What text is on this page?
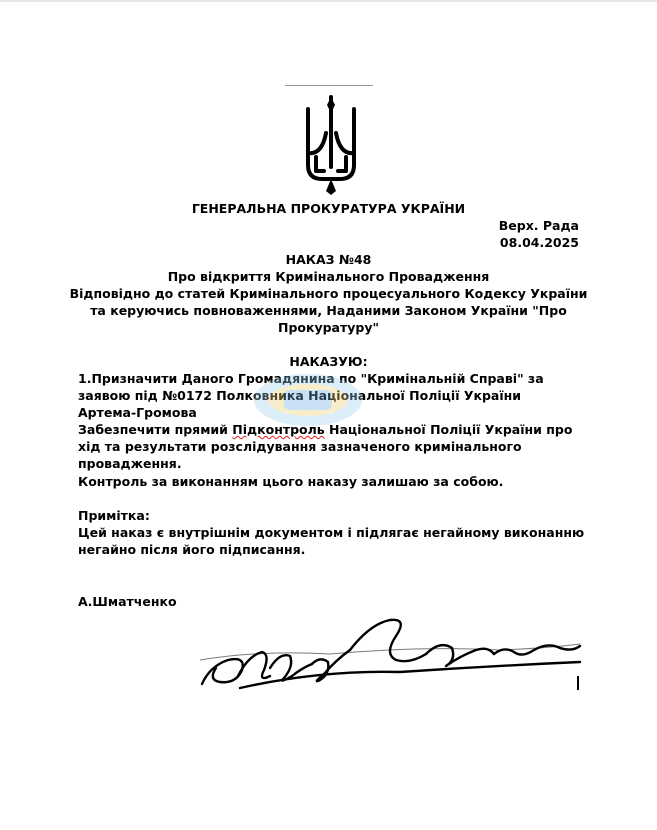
ГЕНЕРАЛЬНА ПРОКУРАТУРА УКРАЇНИ
Верх. Рада
08.04.2025
НАКАЗ №48
Про відкриття Кримінального Провадження
Відповідно до статей Кримінального процесуального Кодексу України
та керуючись повноваженнями, Наданими Законом України "Про
Прокуратуру"
НАКАЗУЮ:
1.Призначити Даного Громадянина по "Кримінальній Справі" за
заявою під №0172 Полковника Національної Поліції України
Артема-Громова
Забезпечити прямий Підконтроль Національної Поліції України про
хід та результати розслідування зазначеного кримінального
провадження.
Контроль за виконанням цього наказу залишаю за собою.
Примітка:
Цей наказ є внутрішнім документом і підлягає негайному виконанню
негайно після його підписання.
А.Шматченко
